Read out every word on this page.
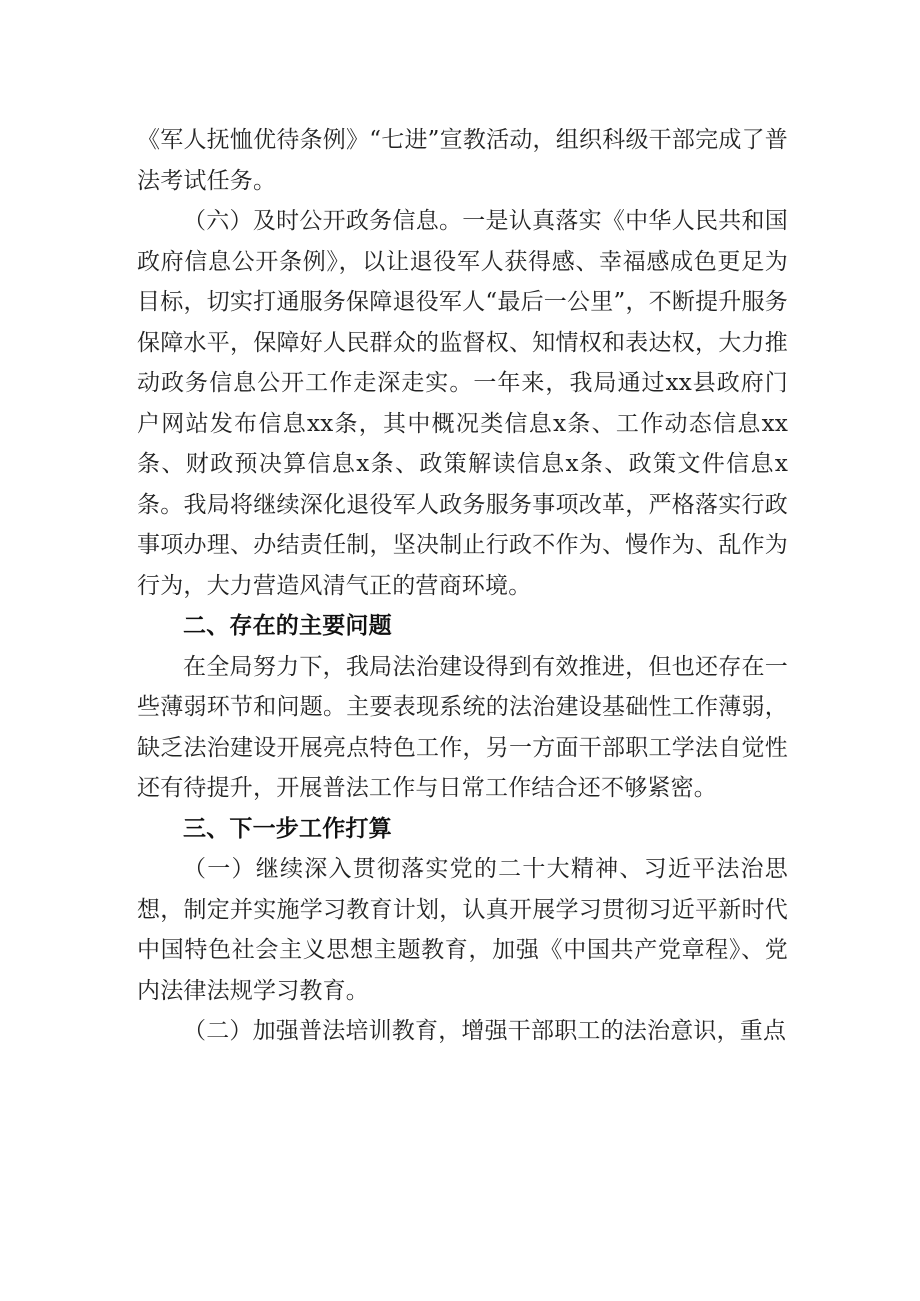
《军人抚恤优待条例》“七进”宣教活动，组织科级干部完成了普法考试任务。

（六）及时公开政务信息。一是认真落实《中华人民共和国政府信息公开条例》，以让退役军人获得感、幸福感成色更足为目标，切实打通服务保障退役军人“最后一公里”，不断提升服务保障水平，保障好人民群众的监督权、知情权和表达权，大力推动政务信息公开工作走深走实。一年来，我局通过xx县政府门户网站发布信息xx条，其中概况类信息x条、工作动态信息xx条、财政预决算信息x条、政策解读信息x条、政策文件信息x条。我局将继续深化退役军人政务服务事项改革，严格落实行政事项办理、办结责任制，坚决制止行政不作为、慢作为、乱作为行为，大力营造风清气正的营商环境。

二、存在的主要问题

在全局努力下，我局法治建设得到有效推进，但也还存在一些薄弱环节和问题。主要表现系统的法治建设基础性工作薄弱，缺乏法治建设开展亮点特色工作，另一方面干部职工学法自觉性还有待提升，开展普法工作与日常工作结合还不够紧密。

三、下一步工作打算

（一）继续深入贯彻落实党的二十大精神、习近平法治思想，制定并实施学习教育计划，认真开展学习贯彻习近平新时代中国特色社会主义思想主题教育，加强《中国共产党章程》、党内法律法规学习教育。

（二）加强普法培训教育，增强干部职工的法治意识，重点
